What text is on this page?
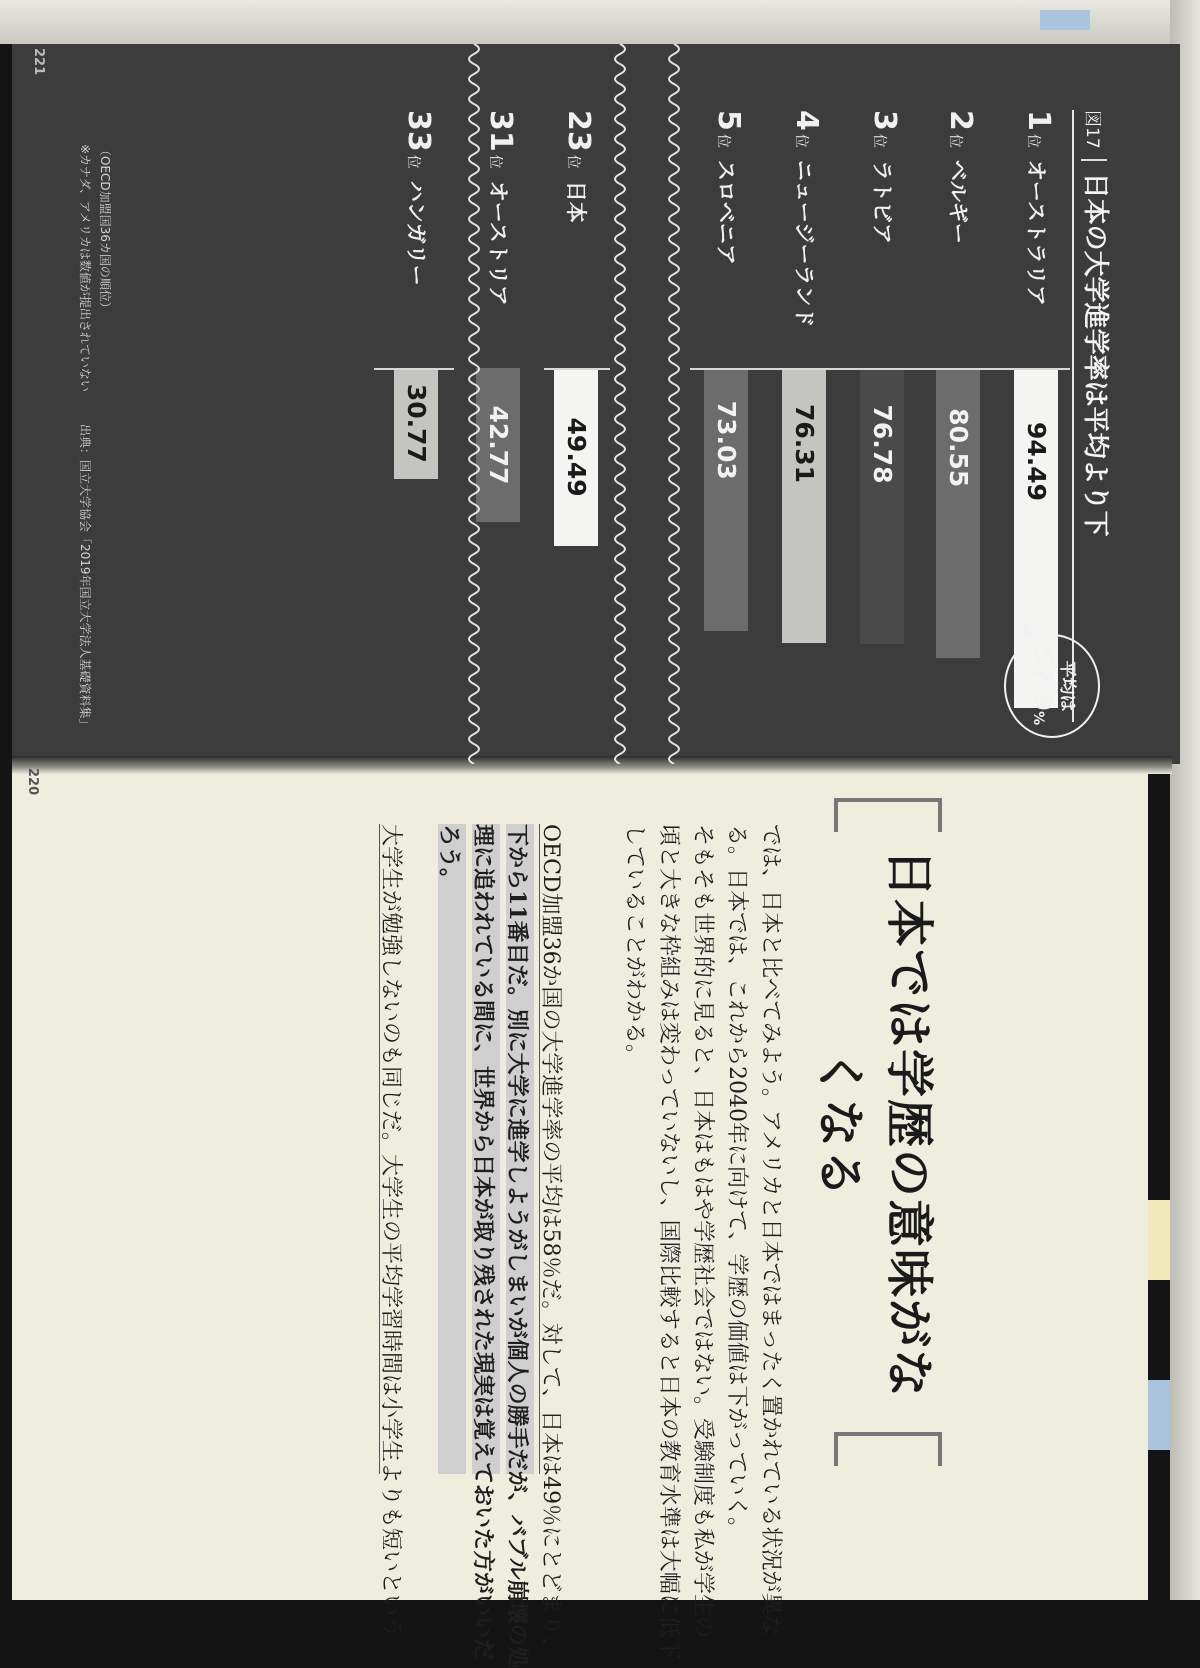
図17日本の大学進学率は平均より下
1位オーストラリア
94.49
2位ベルギー
80.55
3位ラトビア
76.78
4位ニュージーランド
76.31
5位スロベニア
73.03
23位日本
49.49
31位オーストリア
42.77
33位ハンガリー
30.77
平均は
57.9%
（OECD加盟国36カ国の順位）
※カナダ、アメリカは数値が提出されていない
出典：国立大学協会「2019年国立大学法人基礎資料集」
221
日本では学歴の意味がなくなる
では、日本と比べてみよう。アメリカと日本ではまったく置かれている状況が異な
る。日本では、これから2040年に向けて、学歴の価値は下がっていく。
そもそも世界的に見ると、日本はもはや学歴社会ではない。受験制度も私が学生の
頃と大きな枠組みは変わっていないし、国際比較すると日本の教育水準は大幅に低下
していることがわかる。
OECD加盟36か国の大学進学率の平均は58％だ。対して、日本は49％にとどまり、
下から11番目だ。別に大学に進学しようがしまいが個人の勝手だが、バブル崩壊の処
理に追われている間に、世界から日本が取り残された現実は覚えておいた方がいいだ
ろう。
大学生が勉強しないのも同じだ。大学生の平均学習時間は小学生よりも短いという
220
